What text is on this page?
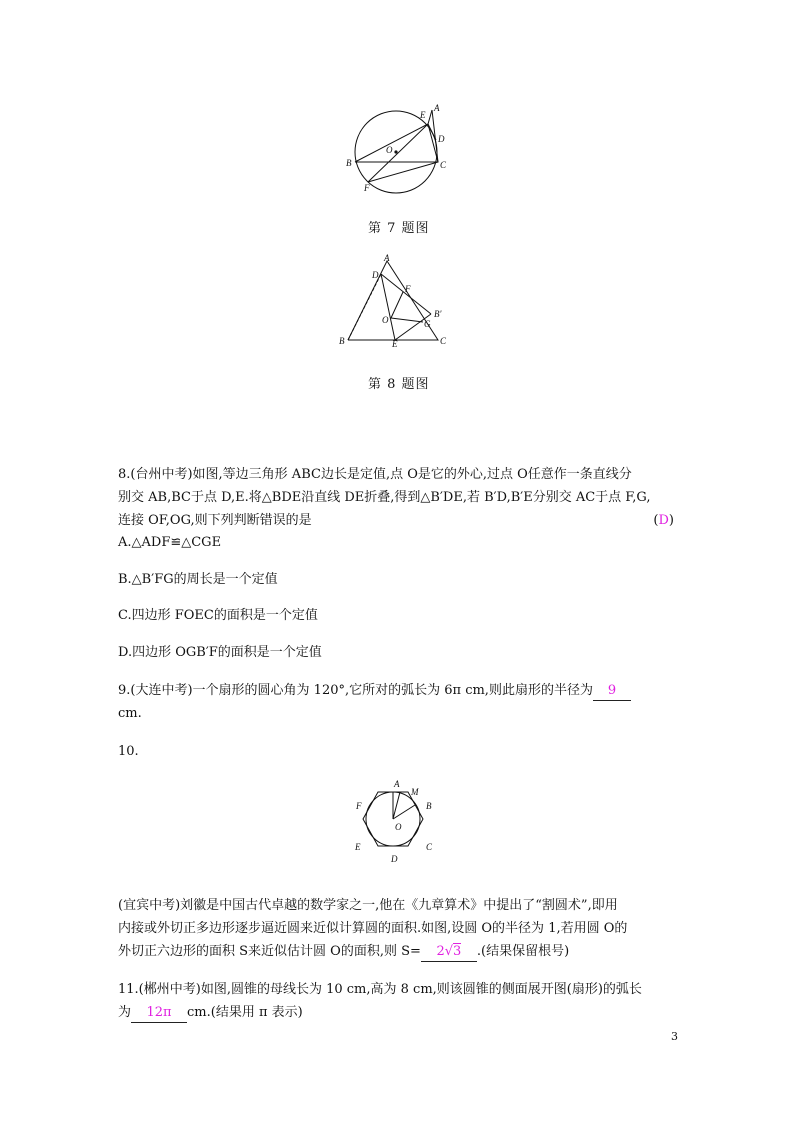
E
A
D
O
B	C
F
第 7 题图
A
D
F
O
B'
G
B	E	C
第 8 题图
8.(台州中考)如图,等边三角形 ABC边长是定值,点 O是它的外心,过点 O任意作一条直线分
别交 AB,BC于点 D,E.将△BDE沿直线 DE折叠,得到△B′DE,若 B′D,B′E分别交 AC于点 F,G,
连接 OF,OG,则下列判断错误的是	(D)
A.△ADF≌△CGE
B.△B′FG的周长是一个定值
C.四边形 FOEC的面积是一个定值
D.四边形 OGB′F的面积是一个定值
9.(大连中考)一个扇形的圆心角为 120°,它所对的弧长为 6π cm,则此扇形的半径为 9
cm.
10.
A
M
F	B
O
E	C
D
(宜宾中考)刘徽是中国古代卓越的数学家之一,他在《九章算术》中提出了“割圆术”,即用
内接或外切正多边形逐步逼近圆来近似计算圆的面积.如图,设圆 O的半径为 1,若用圆 O的
外切正六边形的面积 S来近似估计圆 O的面积,则 S= 2√3 .(结果保留根号)
11.(郴州中考)如图,圆锥的母线长为 10 cm,高为 8 cm,则该圆锥的侧面展开图(扇形)的弧长
为 12π cm.(结果用 π 表示)
3
